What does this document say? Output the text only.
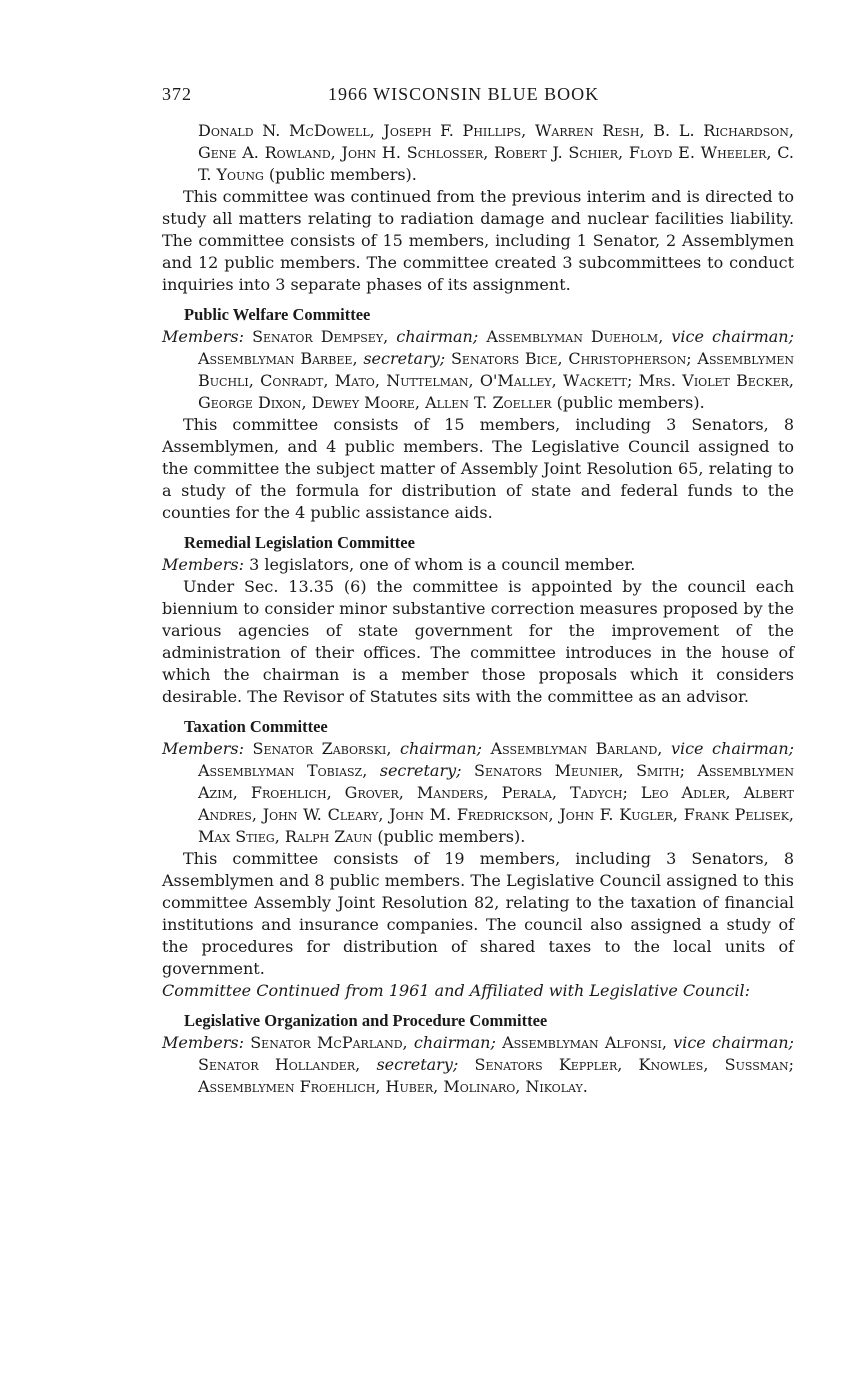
372	1966 WISCONSIN BLUE BOOK

Donald N. McDowell, Joseph F. Phillips, Warren Resh, B. L. Richardson, Gene A. Rowland, John H. Schlosser, Robert J. Schier, Floyd E. Wheeler, C. T. Young (public members).

This committee was continued from the previous interim and is directed to study all matters relating to radiation damage and nuclear facilities liability. The committee consists of 15 members, including 1 Senator, 2 Assemblymen and 12 public members. The committee created 3 subcommittees to conduct inquiries into 3 separate phases of its assignment.

Public Welfare Committee

Members: Senator Dempsey, chairman; Assemblyman Dueholm, vice chairman; Assemblyman Barbee, secretary; Senators Bice, Christopherson; Assemblymen Buchli, Conradt, Mato, Nuttelman, O'Malley, Wackett; Mrs. Violet Becker, George Dixon, Dewey Moore, Allen T. Zoeller (public members).

This committee consists of 15 members, including 3 Senators, 8 Assemblymen, and 4 public members. The Legislative Council assigned to the committee the subject matter of Assembly Joint Resolution 65, relating to a study of the formula for distribution of state and federal funds to the counties for the 4 public assistance aids.

Remedial Legislation Committee

Members: 3 legislators, one of whom is a council member.

Under Sec. 13.35 (6) the committee is appointed by the council each biennium to consider minor substantive correction measures proposed by the various agencies of state government for the improvement of the administration of their offices. The committee introduces in the house of which the chairman is a member those proposals which it considers desirable. The Revisor of Statutes sits with the committee as an advisor.

Taxation Committee

Members: Senator Zaborski, chairman; Assemblyman Barland, vice chairman; Assemblyman Tobiasz, secretary; Senators Meunier, Smith; Assemblymen Azim, Froehlich, Grover, Manders, Perala, Tadych; Leo Adler, Albert Andres, John W. Cleary, John M. Fredrickson, John F. Kugler, Frank Pelisek, Max Stieg, Ralph Zaun (public members).

This committee consists of 19 members, including 3 Senators, 8 Assemblymen and 8 public members. The Legislative Council assigned to this committee Assembly Joint Resolution 82, relating to the taxation of financial institutions and insurance companies. The council also assigned a study of the procedures for distribution of shared taxes to the local units of government.

Committee Continued from 1961 and Affiliated with Legislative Council:

Legislative Organization and Procedure Committee

Members: Senator McParland, chairman; Assemblyman Alfonsi, vice chairman; Senator Hollander, secretary; Senators Keppler, Knowles, Sussman; Assemblymen Froehlich, Huber, Molinaro, Nikolay.
